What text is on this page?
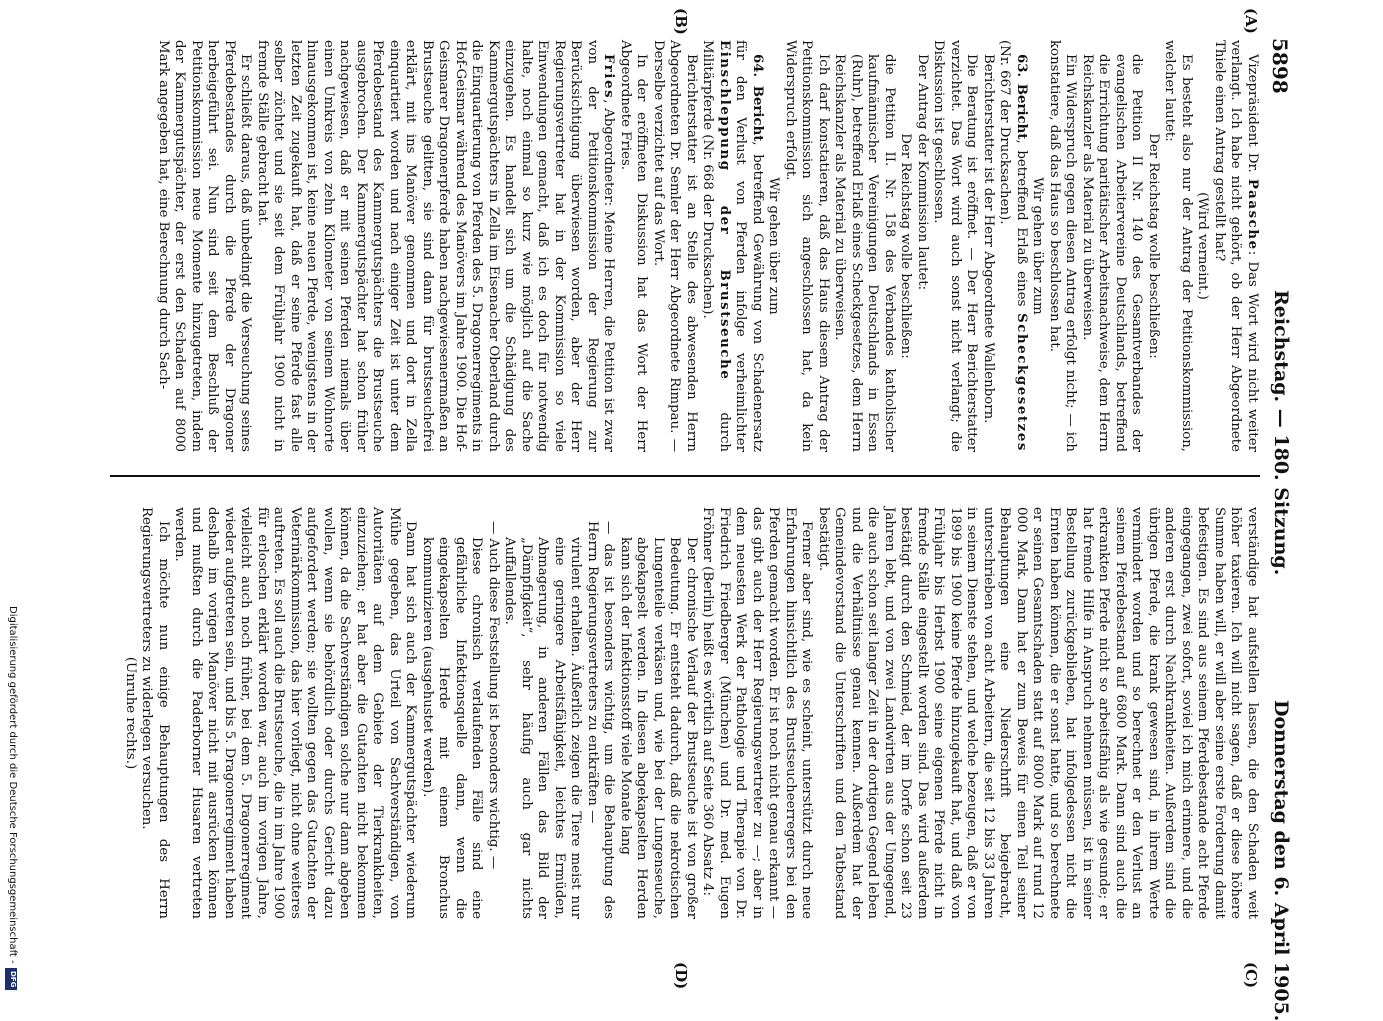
5898
Reichstag. — 180. Sitzung.
Donnerstag den 6. April 1905.
(A)
(B)
(C)
(D)

Vizepräsident Dr. Paasche: Das Wort wird nicht weiter verlangt. Ich habe nicht gehört, ob der Herr Abgeordnete Thiele einen Antrag gestellt hat?

(Wird verneint.)

Es besteht also nur der Antrag der Petitionskommission, welcher lautet:

Der Reichstag wolle beschließen:

die Petition II Nr. 140 des Gesamtverbandes der evangelischen Arbeitervereine Deutschlands, betreffend die Errichtung paritätischer Arbeitsnachweise, dem Herrn Reichskanzler als Material zu überweisen.

Ein Widerspruch gegen diesen Antrag erfolgt nicht; — ich konstatiere, daß das Haus so beschlossen hat.

Wir gehen über zum

63. Bericht, betreffend Erlaß eines Scheckgesetzes (Nr. 667 der Drucksachen).

Berichterstatter ist der Herr Abgeordnete Wallenborn.

Die Beratung ist eröffnet. — Der Herr Berichterstatter verzichtet. Das Wort wird auch sonst nicht verlangt; die Diskussion ist geschlossen.

Der Antrag der Kommission lautet:

Der Reichstag wolle beschließen:

die Petition II. Nr. 158 des Verbandes katholischer kaufmännischer Vereinigungen Deutschlands in Essen (Ruhr), betreffend Erlaß eines Scheckgesetzes, dem Herrn Reichskanzler als Material zu überweisen.

Ich darf konstatieren, daß das Haus diesem Antrag der Petitionskommission sich angeschlossen hat, da kein Widerspruch erfolgt.

Wir gehen über zum

64. Bericht, betreffend Gewährung von Schadenersatz für den Verlust von Pferden infolge verheimlichter Einschleppung der Brustseuche durch Militärpferde (Nr. 668 der Drucksachen).

Berichterstatter ist an Stelle des abwesenden Herrn Abgeordneten Dr. Semler der Herr Abgeordnete Rimpau. — Derselbe verzichtet auf das Wort.

In der eröffneten Diskussion hat das Wort der Herr Abgeordnete Fries.

Fries, Abgeordneter: Meine Herren, die Petition ist zwar von der Petitionskommission der Regierung zur Berücksichtigung überwiesen worden, aber der Herr Regierungsvertreter hat in der Kommission so viele Einwendungen gemacht, daß ich es doch für notwendig halte, noch einmal so kurz wie möglich auf die Sache einzugehen. Es handelt sich um die Schädigung des Kammergutspächters in Zella im Eisenacher Oberland durch die Einquartierung von Pferden des 5. Dragonerregiments in Hof-Geismar während des Manövers im Jahre 1900. Die Hof-Geismarer Dragonerpferde haben nachgewiesenermaßen an Brustseuche gelitten, sie sind dann für brustseuchefrei erklärt, mit ins Manöver genommen und dort in Zella einquartiert worden und nach einiger Zeit ist unter dem Pferdebestand des Kammergutspächters die Brustseuche ausgebrochen. Der Kammergutspächter hat schon früher nachgewiesen, daß er mit seinen Pferden niemals über einen Umkreis von zehn Kilometer von seinem Wohnorte hinausgekommen ist, keine neuen Pferde, wenigstens in der letzten Zeit zugekauft hat, daß er seine Pferde fast alle selber züchtet und sie seit dem Frühjahr 1900 nicht in fremde Ställe gebracht hat.

Er schließt daraus, daß unbedingt die Verseuchung seines Pferdebestandes durch die Pferde der Dragoner herbeigeführt sei. Nun sind seit dem Beschluß der Petitionskommission neue Momente hinzugetreten, indem der Kammergutspächter, der erst den Schaden auf 8000 Mark angegeben hat, eine Berechnung durch Sach-

verständige hat aufstellen lassen, die den Schaden weit höher taxieren. Ich will nicht sagen, daß er diese höhere Summe haben will, er will aber seine erste Forderung damit befestigen. Es sind aus seinem Pferdebestande acht Pferde eingegangen, zwei sofort, soviel ich mich erinnere, und die anderen erst durch Nachkrankheiten. Außerdem sind die übrigen Pferde, die krank gewesen sind, in ihrem Werte vermindert worden und so berechnet er den Verlust an seinem Pferdebestand auf 6800 Mark. Dann sind auch die erkrankten Pferde nicht so arbeitsfähig als wie gesunde; er hat fremde Hilfe in Anspruch nehmen müssen, ist in seiner Bestellung zurückgeblieben, hat infolgedessen nicht die Ernten haben können, die er sonst hatte, und so berechnete er seinen Gesamtschaden statt auf 8000 Mark auf rund 12 000 Mark. Dann hat er zum Beweis für einen Teil seiner Behauptungen eine Niederschrift beigebracht, unterschrieben von acht Arbeitern, die seit 12 bis 33 Jahren in seinem Dienste stehen, und welche bezeugen, daß er von 1899 bis 1900 keine Pferde hinzugekauft hat, und daß von Frühjahr bis Herbst 1900 seine eigenen Pferde nicht in fremde Ställe eingestellt worden sind. Das wird außerdem bestätigt durch den Schmied, der im Dorfe schon seit 23 Jahren lebt, und von zwei Landwirten aus der Umgegend, die auch schon seit langer Zeit in der dortigen Gegend leben und die Verhältnisse genau kennen. Außerdem hat der Gemeindevorstand die Unterschriften und den Tatbestand bestätigt.

Ferner aber sind, wie es scheint, unterstützt durch neue Erfahrungen hinsichtlich des Brustseucheerregers bei den Pferden gemacht worden. Er ist noch nicht genau erkannt — das gibt auch der Herr Regierungsvertreter zu —; aber in dem neuesten Werk der Pathologie und Therapie von Dr. Friedrich Friedberger (München) und Dr. med. Eugen Fröhner (Berlin) heißt es wörtlich auf Seite 360 Absatz 4:

Der chronische Verlauf der Brustseuche ist von großer Bedeutung. Er entsteht dadurch, daß die nekrotischen Lungenteile verkäsen und, wie bei der Lungenseuche, abgekapselt werden. In diesen abgekapselten Herden kann sich der Infektionsstoff viele Monate lang

— das ist besonders wichtig, um die Behauptung des Herrn Regierungsvertreters zu entkräften —

virulent erhalten. Äußerlich zeigen die Tiere meist nur eine geringere Arbeitsfähigkeit, leichtes Ermüden, Abmagerung, in anderen Fällen das Bild der „Dämpfigkeit“, sehr häufig auch gar nichts Auffallendes.

— Auch diese Feststellung ist besonders wichtig. —

Diese chronisch verlaufenden Fälle sind eine gefährliche Infektionsquelle dann, wenn die eingekapselten Herde mit einem Bronchus kommunizieren (ausgehustet werden).

Dann hat sich auch der Kammergutspächter wiederum Mühe gegeben, das Urteil von Sachverständigen, von Autoritäten auf dem Gebiete der Tierkrankheiten, einzuziehen; er hat aber die Gutachten nicht bekommen können, da die Sachverständigen solche nur dann abgeben wollen, wenn sie behördlich oder durchs Gericht dazu aufgefordert werden; sie wollten gegen das Gutachten der Veterinärkommission, das hier vorliegt, nicht ohne weiteres auftreten. Es soll auch die Brustseuche, die in im Jahre 1900 für erloschen erklärt worden war, auch im vorigen Jahre, vielleicht auch noch früher, bei dem 5. Dragonerregiment wieder aufgetreten sein, und bis 5. Dragonerregiment haben deshalb im vorigen Manöver nicht mit ausrücken können und mußten durch die Paderborner Husaren vertreten werden.

Ich möchte nun einige Behauptungen des Herrn Regierungsvertreters zu widerlegen versuchen.

(Unruhe rechts.)

Digitalisierung gefördert durch die Deutsche Forschungsgemeinschaft -
DFG
